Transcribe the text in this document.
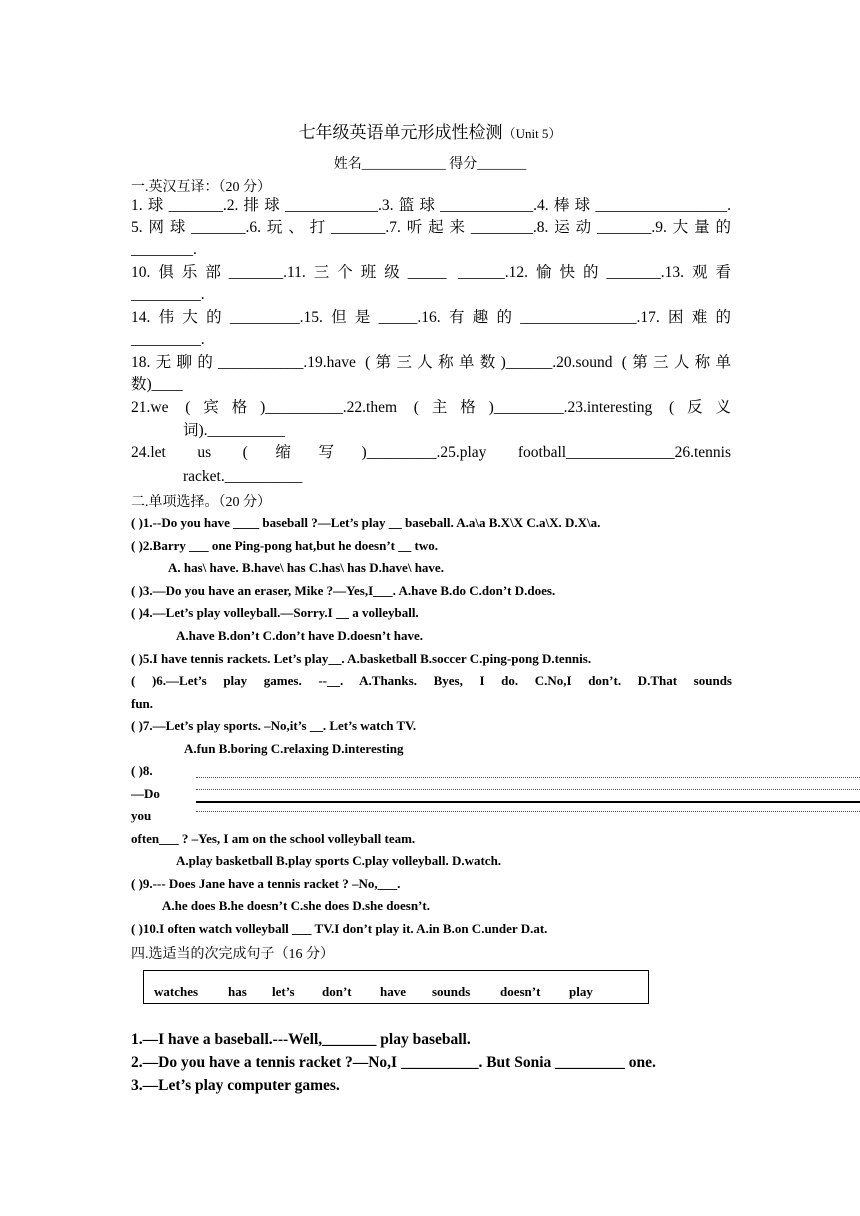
七年级英语单元形成性检测（Unit 5）
姓名____________ 得分_______
一.英汉互译：（20 分）
1.球_______.2.排球____________.3.篮球____________.4.棒球_________________.
5.网球_______.6.玩、打_______.7.听起来________.8.运动_______.9.大量的
________.
10.俱乐部_______.11.三个班级_____ ______.12.愉快的_______.13.观看
_________.
14.伟大的_________.15.但是_____.16.有趣的_______________.17.困难的
_________.
18.无聊的___________.19.have (第三人称单数)______.20.sound (第三人称单
数)____
21.we (宾格)__________.22.them (主格)_________.23.interesting (反义
词).__________
24.let us (缩写)_________.25.play football______________26.tennis
racket.__________
二.单项选择。（20 分）
( )1.--Do you have ____ baseball ?—Let’s play __ baseball. A.a\a B.X\X C.a\X. D.X\a.
( )2.Barry ___ one Ping-pong hat,but he doesn’t __ two.
A. has\ have. B.have\ has C.has\ has D.have\ have.
( )3.—Do you have an eraser, Mike ?—Yes,I___. A.have B.do C.don’t D.does.
( )4.—Let’s play volleyball.—Sorry.I __ a volleyball.
A.have B.don’t C.don’t have D.doesn’t have.
( )5.I have tennis rackets. Let’s play__. A.basketball B.soccer C.ping-pong D.tennis.
( )6.—Let’s play games. --__. A.Thanks. Byes, I do. C.No,I don’t. D.That sounds
fun.
( )7.—Let’s play sports. –No,it’s __. Let’s watch TV.
A.fun B.boring C.relaxing D.interesting
( )8.
—Do
you
often___ ? –Yes, I am on the school volleyball team.
A.play basketball B.play sports C.play volleyball. D.watch.
( )9.--- Does Jane have a tennis racket ? –No,___.
A.he does B.he doesn’t C.she does D.she doesn’t.
( )10.I often watch volleyball ___ TV.I don’t play it. A.in B.on C.under D.at.
四.选适当的次完成句子（16 分）
watches has let’s don’t have sounds doesn’t play
1.—I have a baseball.---Well,_______ play baseball.
2.—Do you have a tennis racket ?—No,I __________. But Sonia _________ one.
3.—Let’s play computer games.
